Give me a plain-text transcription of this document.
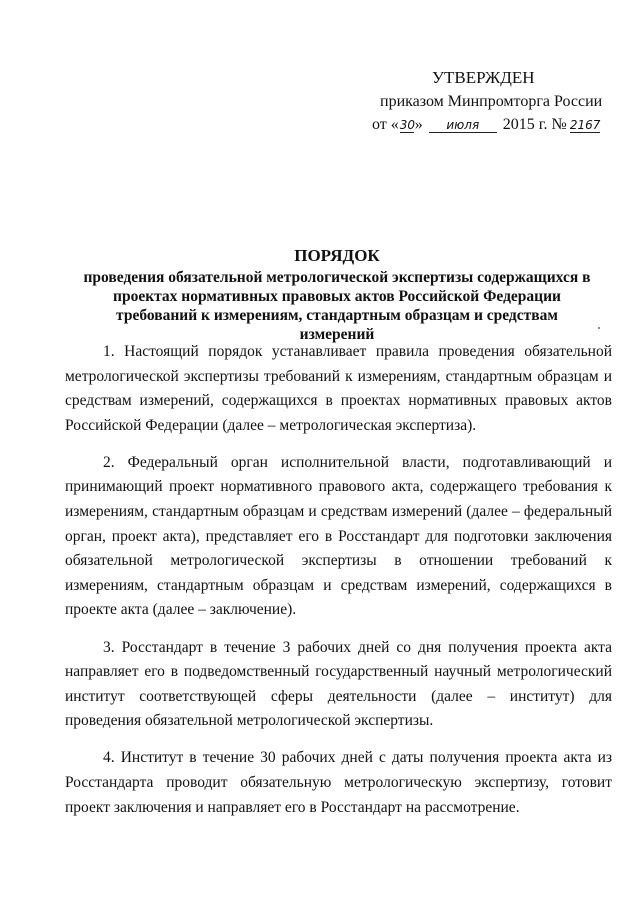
УТВЕРЖДЕН
приказом Минпромторга России
от «30» июля 2015 г. № 2167
ПОРЯДОК
проведения обязательной метрологической экспертизы содержащихся в проектах нормативных правовых актов Российской Федерации требований к измерениям, стандартным образцам и средствам измерений

1. Настоящий порядок устанавливает правила проведения обязательной метрологической экспертизы требований к измерениям, стандартным образцам и средствам измерений, содержащихся в проектах нормативных правовых актов Российской Федерации (далее – метрологическая экспертиза).

2. Федеральный орган исполнительной власти, подготавливающий и принимающий проект нормативного правового акта, содержащего требования к измерениям, стандартным образцам и средствам измерений (далее – федеральный орган, проект акта), представляет его в Росстандарт для подготовки заключения обязательной метрологической экспертизы в отношении требований к измерениям, стандартным образцам и средствам измерений, содержащихся в проекте акта (далее – заключение).

3. Росстандарт в течение 3 рабочих дней со дня получения проекта акта направляет его в подведомственный государственный научный метрологический институт соответствующей сферы деятельности (далее – институт) для проведения обязательной метрологической экспертизы.

4. Институт в течение 30 рабочих дней с даты получения проекта акта из Росстандарта проводит обязательную метрологическую экспертизу, готовит проект заключения и направляет его в Росстандарт на рассмотрение.
